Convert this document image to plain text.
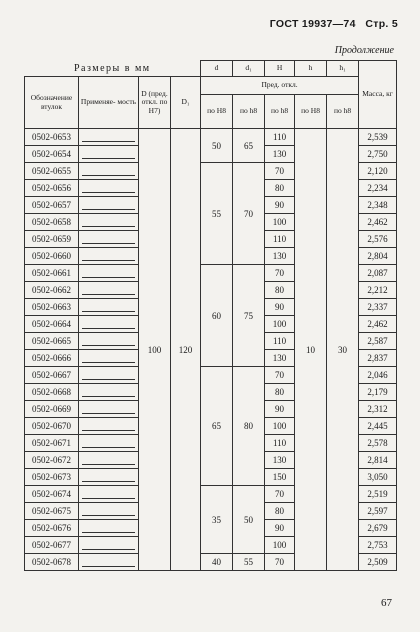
ГОСТ 19937—74 Стр. 5
Продолжение
Размеры в мм				d	d₁	H	h	h₁	Масса, кг
Обозначение втулок	Применяе- мость	D (пред. откл. по H7)	D₁	Пред. откл.					
				по H8	по h8	по h8	по H8	по h8	
0502-0653		100	120	50	65	110	10	30	2,539
0502-0654						130			2,750
0502-0655				55	70	70			2,120
0502-0656						80			2,234
0502-0657						90			2,348
0502-0658						100			2,462
0502-0659						110			2,576
0502-0660						130			2,804
0502-0661				60	75	70			2,087
0502-0662						80			2,212
0502-0663						90			2,337
0502-0664						100			2,462
0502-0665						110			2,587
0502-0666						130			2,837
0502-0667				65	80	70			2,046
0502-0668						80			2,179
0502-0669						90			2,312
0502-0670						100			2,445
0502-0671						110			2,578
0502-0672						130			2,814
0502-0673						150			3,050
0502-0674				35	50	70			2,519
0502-0675						80			2,597
0502-0676						90			2,679
0502-0677						100			2,753
0502-0678				40	55	70			2,509
67
